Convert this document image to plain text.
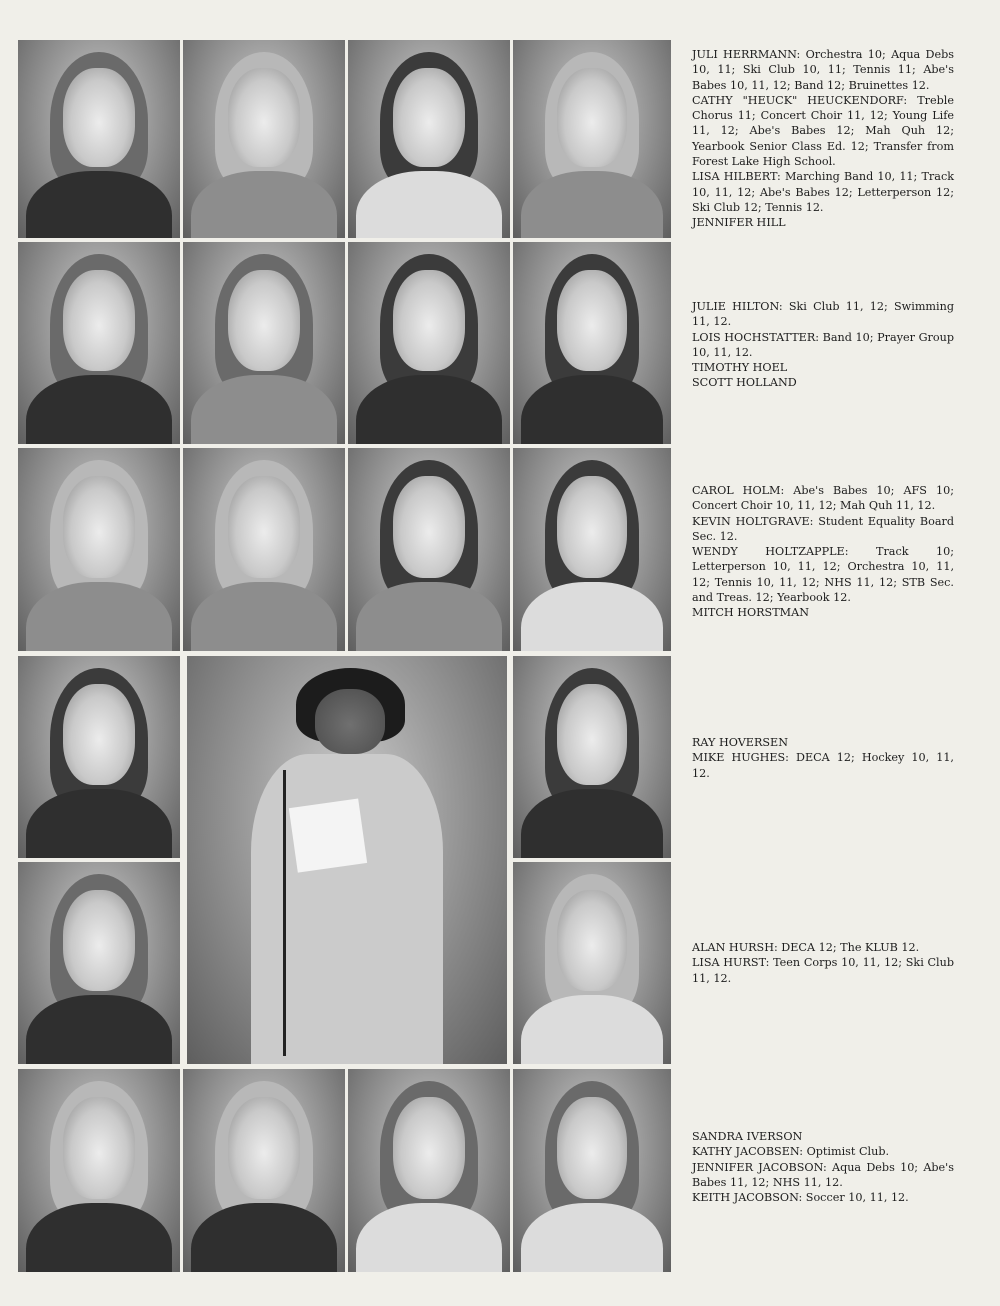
JULI HERRMANN: Orchestra 10; Aqua Debs 10, 11; Ski Club 10, 11; Tennis 11; Abe's Babes 10, 11, 12; Band 12; Bruinettes 12.

CATHY "HEUCK" HEUCKENDORF: Treble Chorus 11; Concert Choir 11, 12; Young Life 11, 12; Abe's Babes 12; Mah Quh 12; Yearbook Senior Class Ed. 12; Transfer from Forest Lake High School.

LISA HILBERT: Marching Band 10, 11; Track 10, 11, 12; Abe's Babes 12; Letterperson 12; Ski Club 12; Tennis 12.

JENNIFER HILL

JULIE HILTON: Ski Club 11, 12; Swimming 11, 12.

LOIS HOCHSTATTER: Band 10; Prayer Group 10, 11, 12.

TIMOTHY HOEL

SCOTT HOLLAND

CAROL HOLM: Abe's Babes 10; AFS 10; Concert Choir 10, 11, 12; Mah Quh 11, 12.

KEVIN HOLTGRAVE: Student Equality Board Sec. 12.

WENDY HOLTZAPPLE: Track 10; Letterperson 10, 11, 12; Orchestra 10, 11, 12; Tennis 10, 11, 12; NHS 11, 12; STB Sec. and Treas. 12; Yearbook 12.

MITCH HORSTMAN

RAY HOVERSEN

MIKE HUGHES: DECA 12; Hockey 10, 11, 12.

ALAN HURSH: DECA 12; The KLUB 12.

LISA HURST: Teen Corps 10, 11, 12; Ski Club 11, 12.

SANDRA IVERSON

KATHY JACOBSEN: Optimist Club.

JENNIFER JACOBSON: Aqua Debs 10; Abe's Babes 11, 12; NHS 11, 12.

KEITH JACOBSON: Soccer 10, 11, 12.
